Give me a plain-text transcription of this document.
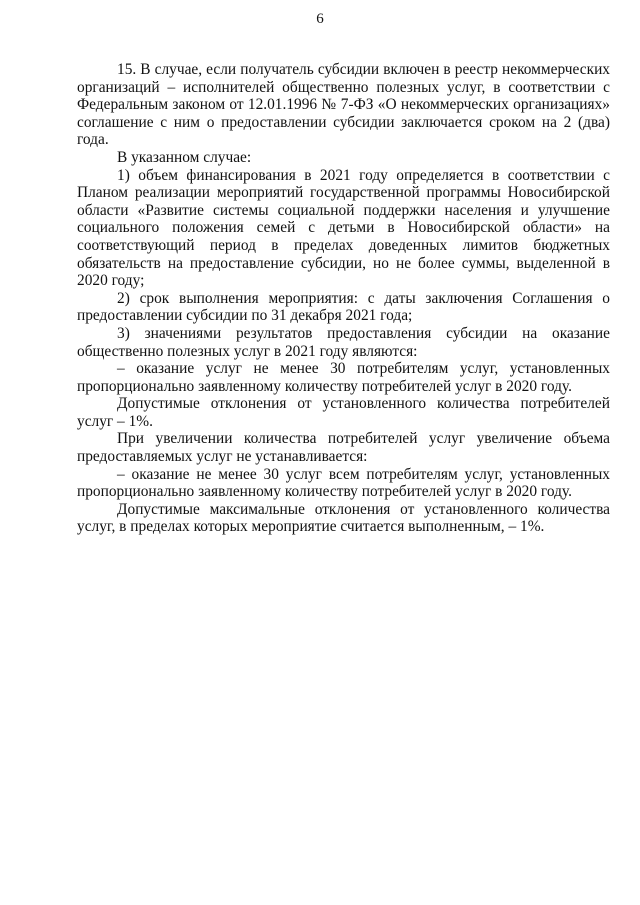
6

15. В случае, если получатель субсидии включен в реестр некоммерческих организаций – исполнителей общественно полезных услуг, в соответствии с Федеральным законом от 12.01.1996 № 7-ФЗ «О некоммерческих организациях» соглашение с ним о предоставлении субсидии заключается сроком на 2 (два) года.

В указанном случае:

1) объем финансирования в 2021 году определяется в соответствии с Планом реализации мероприятий государственной программы Новосибирской области «Развитие системы социальной поддержки населения и улучшение социального положения семей с детьми в Новосибирской области» на соответствующий период в пределах доведенных лимитов бюджетных обязательств на предоставление субсидии, но не более суммы, выделенной в 2020 году;

2) срок выполнения мероприятия: с даты заключения Соглашения о предоставлении субсидии по 31 декабря 2021 года;

3) значениями результатов предоставления субсидии на оказание общественно полезных услуг в 2021 году являются:

– оказание услуг не менее 30 потребителям услуг, установленных пропорционально заявленному количеству потребителей услуг в 2020 году.

Допустимые отклонения от установленного количества потребителей услуг – 1%.

При увеличении количества потребителей услуг увеличение объема предоставляемых услуг не устанавливается:

– оказание не менее 30 услуг всем потребителям услуг, установленных пропорционально заявленному количеству потребителей услуг в 2020 году.

Допустимые максимальные отклонения от установленного количества услуг, в пределах которых мероприятие считается выполненным, – 1%.
